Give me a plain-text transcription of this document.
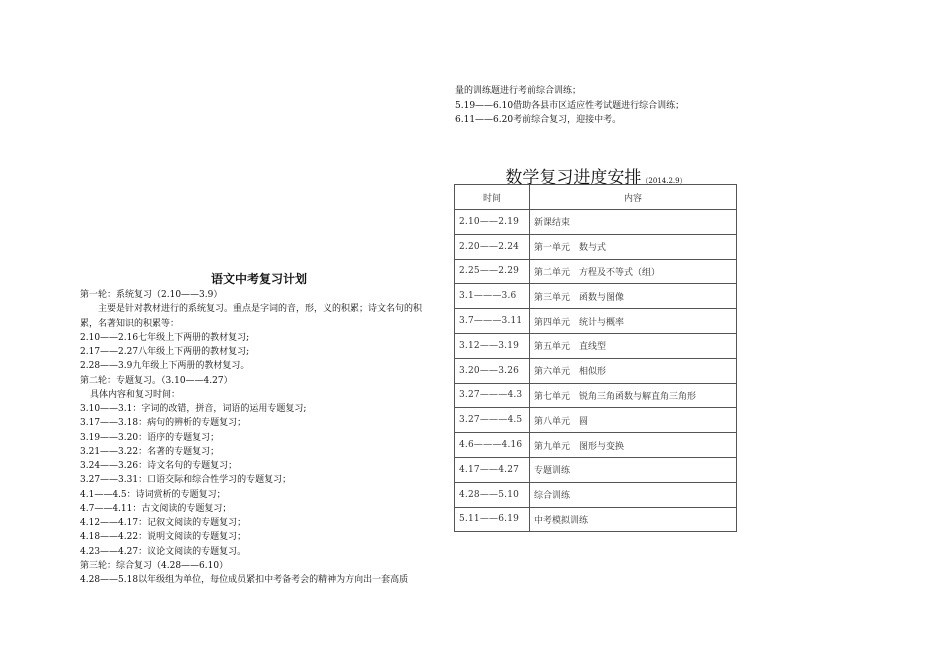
语文中考复习计划
第一轮：系统复习（2.10——3.9）
主要是针对教材进行的系统复习。重点是字词的音，形，义的积累；诗文名句的积累，名著知识的积累等：
2.10——2.16七年级上下两册的教材复习;
2.17——2.27八年级上下两册的教材复习;
2.28——3.9九年级上下两册的教材复习。
第二轮：专题复习。（3.10——4.27）
具体内容和复习时间：
3.10——3.1：字词的改错，拼音，词语的运用专题复习;
3.17——3.18：病句的辨析的专题复习；
3.19——3.20：语序的专题复习；
3.21——3.22：名著的专题复习；
3.24——3.26：诗文名句的专题复习；
3.27——3.31：口语交际和综合性学习的专题复习；
4.1——4.5：诗词赏析的专题复习；
4.7——4.11：古文阅读的专题复习；
4.12——4.17：记叙文阅读的专题复习；
4.18——4.22：说明文阅读的专题复习；
4.23——4.27：议论文阅读的专题复习。
第三轮：综合复习（4.28——6.10）
4.28——5.18以年级组为单位，每位成员紧扣中考备考会的精神为方向出一套高质
量的训练题进行考前综合训练；
5.19——6.10借助各县市区适应性考试题进行综合训练；
6.11——6.20考前综合复习，迎接中考。
数学复习进度安排（2014.2.9）
时间	内容
2.10——2.19	新课结束
2.20——2.24	第一单元　数与式
2.25——2.29	第二单元　方程及不等式（组）
3.1———3.6	第三单元　函数与图像
3.7———3.11	第四单元　统计与概率
3.12——3.19	第五单元　直线型
3.20——3.26	第六单元　相似形
3.27———4.3	第七单元　锐角三角函数与解直角三角形
3.27———4.5	第八单元　圆
4.6———4.16	第九单元　图形与变换
4.17——4.27	专题训练
4.28——5.10	综合训练
5.11——6.19	中考模拟训练
